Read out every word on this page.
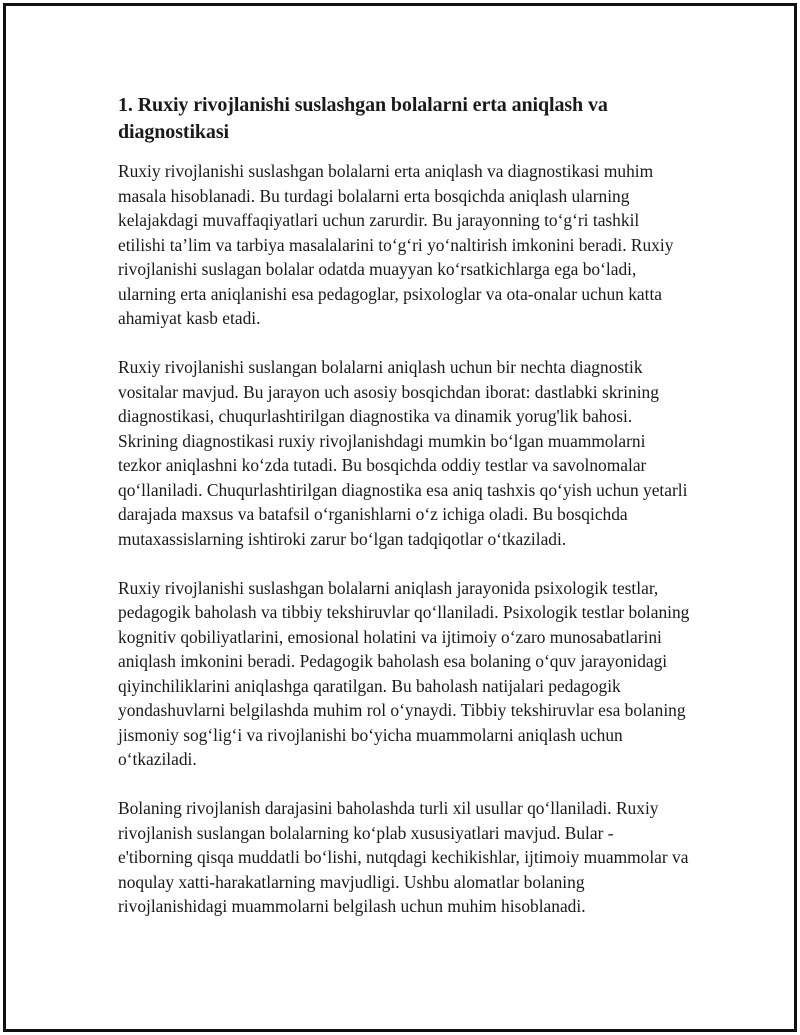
1. Ruxiy rivojlanishi suslashgan bolalarni erta aniqlash va diagnostikasi

Ruxiy rivojlanishi suslashgan bolalarni erta aniqlash va diagnostikasi muhim masala hisoblanadi. Bu turdagi bolalarni erta bosqichda aniqlash ularning kelajakdagi muvaffaqiyatlari uchun zarurdir. Bu jarayonning to‘g‘ri tashkil etilishi ta’lim va tarbiya masalalarini to‘g‘ri yo‘naltirish imkonini beradi. Ruxiy rivojlanishi suslagan bolalar odatda muayyan ko‘rsatkichlarga ega bo‘ladi, ularning erta aniqlanishi esa pedagoglar, psixologlar va ota-onalar uchun katta ahamiyat kasb etadi.

Ruxiy rivojlanishi suslangan bolalarni aniqlash uchun bir nechta diagnostik vositalar mavjud. Bu jarayon uch asosiy bosqichdan iborat: dastlabki skrining diagnostikasi, chuqurlashtirilgan diagnostika va dinamik yorug'lik bahosi. Skrining diagnostikasi ruxiy rivojlanishdagi mumkin bo‘lgan muammolarni tezkor aniqlashni ko‘zda tutadi. Bu bosqichda oddiy testlar va savolnomalar qo‘llaniladi. Chuqurlashtirilgan diagnostika esa aniq tashxis qo‘yish uchun yetarli darajada maxsus va batafsil o‘rganishlarni o‘z ichiga oladi. Bu bosqichda mutaxassislarning ishtiroki zarur bo‘lgan tadqiqotlar o‘tkaziladi.

Ruxiy rivojlanishi suslashgan bolalarni aniqlash jarayonida psixologik testlar, pedagogik baholash va tibbiy tekshiruvlar qo‘llaniladi. Psixologik testlar bolaning kognitiv qobiliyatlarini, emosional holatini va ijtimoiy o‘zaro munosabatlarini aniqlash imkonini beradi. Pedagogik baholash esa bolaning o‘quv jarayonidagi qiyinchiliklarini aniqlashga qaratilgan. Bu baholash natijalari pedagogik yondashuvlarni belgilashda muhim rol o‘ynaydi. Tibbiy tekshiruvlar esa bolaning jismoniy sog‘lig‘i va rivojlanishi bo‘yicha muammolarni aniqlash uchun o‘tkaziladi.

Bolaning rivojlanish darajasini baholashda turli xil usullar qo‘llaniladi. Ruxiy rivojlanish suslangan bolalarning ko‘plab xususiyatlari mavjud. Bular - e'tiborning qisqa muddatli bo‘lishi, nutqdagi kechikishlar, ijtimoiy muammolar va noqulay xatti-harakatlarning mavjudligi. Ushbu alomatlar bolaning rivojlanishidagi muammolarni belgilash uchun muhim hisoblanadi.
